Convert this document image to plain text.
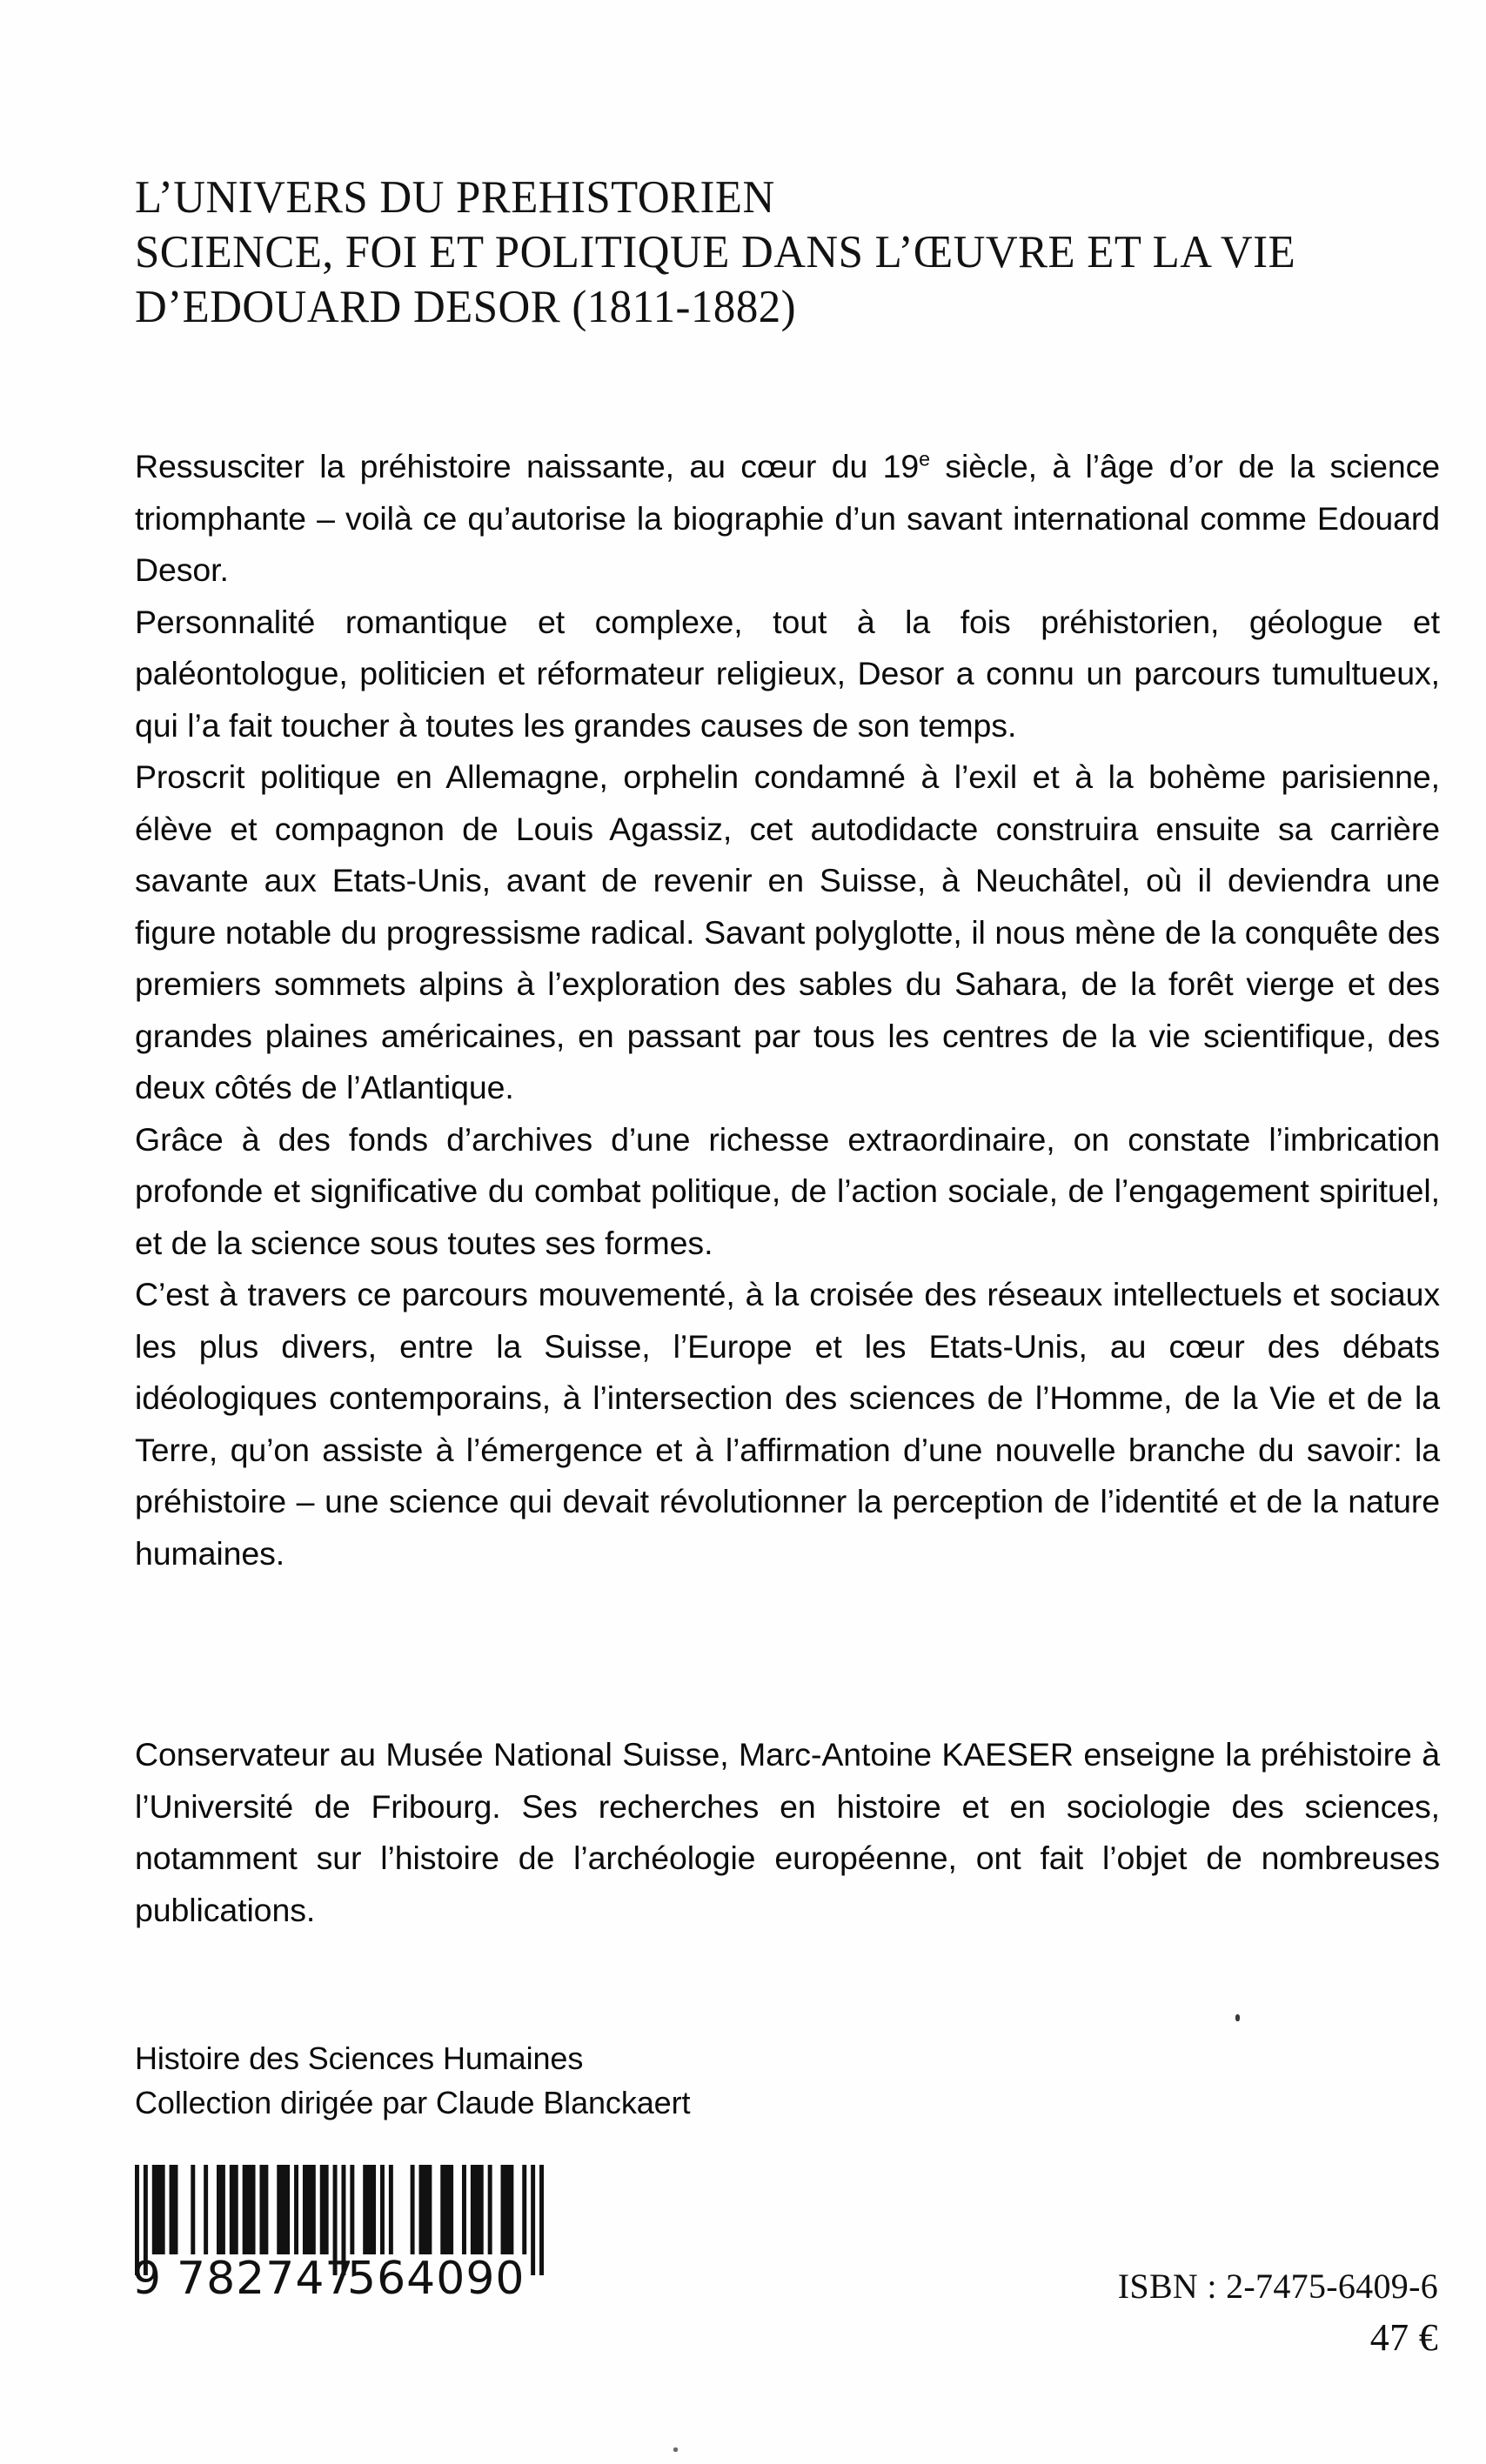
L’UNIVERS DU PREHISTORIEN
SCIENCE, FOI ET POLITIQUE DANS L’ŒUVRE ET LA VIE
D’EDOUARD DESOR (1811-1882)

Ressusciter la préhistoire naissante, au cœur du 19e siècle, à l’âge d’or de la science triomphante – voilà ce qu’autorise la biographie d’un savant international comme Edouard Desor.

Personnalité romantique et complexe, tout à la fois préhistorien, géologue et paléontologue, politicien et réformateur religieux, Desor a connu un parcours tumultueux, qui l’a fait toucher à toutes les grandes causes de son temps.

Proscrit politique en Allemagne, orphelin condamné à l’exil et à la bohème parisienne, élève et compagnon de Louis Agassiz, cet autodidacte construira ensuite sa carrière savante aux Etats-Unis, avant de revenir en Suisse, à Neuchâtel, où il deviendra une figure notable du progressisme radical. Savant polyglotte, il nous mène de la conquête des premiers sommets alpins à l’exploration des sables du Sahara, de la forêt vierge et des grandes plaines américaines, en passant par tous les centres de la vie scientifique, des deux côtés de l’Atlantique.

Grâce à des fonds d’archives d’une richesse extraordinaire, on constate l’imbrication profonde et significative du combat politique, de l’action sociale, de l’engagement spirituel, et de la science sous toutes ses formes.

C’est à travers ce parcours mouvementé, à la croisée des réseaux intellectuels et sociaux les plus divers, entre la Suisse, l’Europe et les Etats-Unis, au cœur des débats idéologiques contemporains, à l’intersection des sciences de l’Homme, de la Vie et de la Terre, qu’on assiste à l’émergence et à l’affirmation d’une nouvelle branche du savoir: la préhistoire – une science qui devait révolutionner la perception de l’identité et de la nature humaines.

Conservateur au Musée National Suisse, Marc-Antoine KAESER enseigne la préhistoire à l’Université de Fribourg. Ses recherches en histoire et en sociologie des sciences, notamment sur l’histoire de l’archéologie européenne, ont fait l’objet de nombreuses publications.

Histoire des Sciences Humaines
Collection dirigée par Claude Blanckaert
9 782747
564090	ISBN : 2-7475-6409-6
47 €
